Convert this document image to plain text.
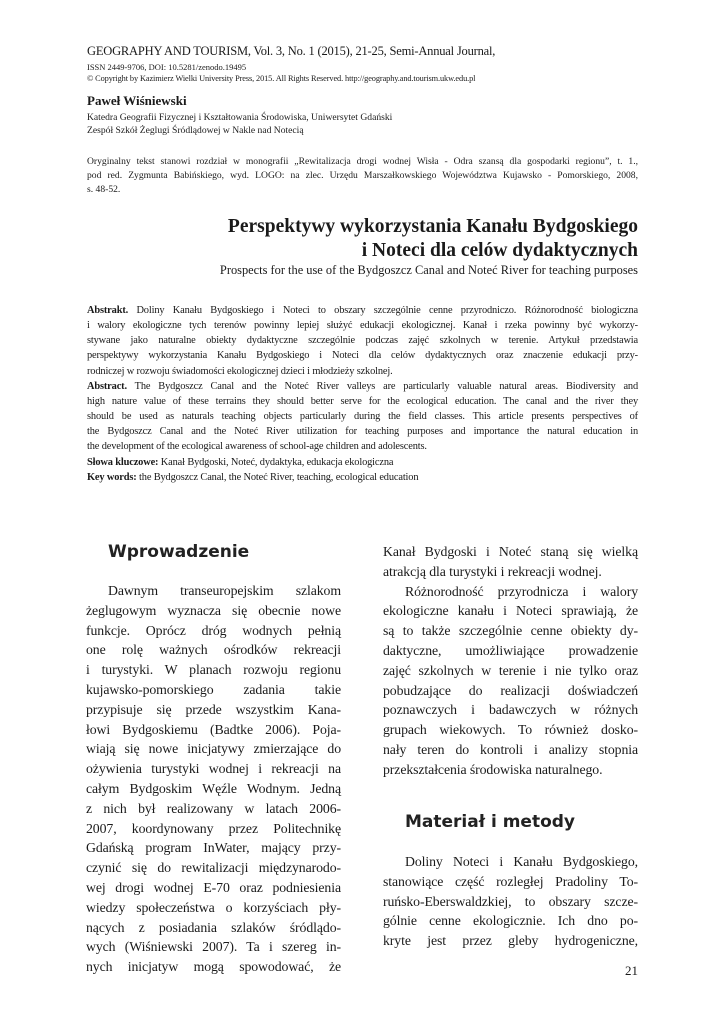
GEOGRAPHY AND TOURISM, Vol. 3, No. 1 (2015), 21-25, Semi-Annual Journal,
ISSN 2449-9706, DOI: 10.5281/zenodo.19495
© Copyright by Kazimierz Wielki University Press, 2015. All Rights Reserved. http://geography.and.tourism.ukw.edu.pl
Paweł Wiśniewski
Katedra Geografii Fizycznej i Kształtowania Środowiska, Uniwersytet Gdański
Zespół Szkół Żeglugi Śródlądowej w Nakle nad Notecią
Oryginalny tekst stanowi rozdział w monografii „Rewitalizacja drogi wodnej Wisła - Odra szansą dla gospodarki regionu”, t. 1.,
pod red. Zygmunta Babińskiego, wyd. LOGO: na zlec. Urzędu Marszałkowskiego Województwa Kujawsko - Pomorskiego, 2008,
s. 48-52.
Perspektywy wykorzystania Kanału Bydgoskiego
i Noteci dla celów dydaktycznych
Prospects for the use of the Bydgoszcz Canal and Noteć River for teaching purposes
Abstrakt. Doliny Kanału Bydgoskiego i Noteci to obszary szczególnie cenne przyrodniczo. Różnorodność biologiczna
i walory ekologiczne tych terenów powinny lepiej służyć edukacji ekologicznej. Kanał i rzeka powinny być wykorzy-
stywane jako naturalne obiekty dydaktyczne szczególnie podczas zajęć szkolnych w terenie. Artykuł przedstawia
perspektywy wykorzystania Kanału Bydgoskiego i Noteci dla celów dydaktycznych oraz znaczenie edukacji przy-
rodniczej w rozwoju świadomości ekologicznej dzieci i młodzieży szkolnej.
Abstract. The Bydgoszcz Canal and the Noteć River valleys are particularly valuable natural areas. Biodiversity and
high nature value of these terrains they should better serve for the ecological education. The canal and the river they
should be used as naturals teaching objects particularly during the field classes. This article presents perspectives of
the Bydgoszcz Canal and the Noteć River utilization for teaching purposes and importance the natural education in
the development of the ecological awareness of school-age children and adolescents.
Słowa kluczowe: Kanał Bydgoski, Noteć, dydaktyka, edukacja ekologiczna
Key words: the Bydgoszcz Canal, the Noteć River, teaching, ecological education
Wprowadzenie
Dawnym transeuropejskim szlakom
żeglugowym wyznacza się obecnie nowe
funkcje. Oprócz dróg wodnych pełnią
one rolę ważnych ośrodków rekreacji
i turystyki. W planach rozwoju regionu
kujawsko-pomorskiego zadania takie
przypisuje się przede wszystkim Kana-
łowi Bydgoskiemu (Badtke 2006). Poja-
wiają się nowe inicjatywy zmierzające do
ożywienia turystyki wodnej i rekreacji na
całym Bydgoskim Węźle Wodnym. Jedną
z nich był realizowany w latach 2006-
2007, koordynowany przez Politechnikę
Gdańską program InWater, mający przy-
czynić się do rewitalizacji międzynarodo-
wej drogi wodnej E-70 oraz podniesienia
wiedzy społeczeństwa o korzyściach pły-
nących z posiadania szlaków śródlądo-
wych (Wiśniewski 2007). Ta i szereg in-
nych inicjatyw mogą spowodować, że
Kanał Bydgoski i Noteć staną się wielką
atrakcją dla turystyki i rekreacji wodnej.
Różnorodność przyrodnicza i walory
ekologiczne kanału i Noteci sprawiają, że
są to także szczególnie cenne obiekty dy-
daktyczne, umożliwiające prowadzenie
zajęć szkolnych w terenie i nie tylko oraz
pobudzające do realizacji doświadczeń
poznawczych i badawczych w różnych
grupach wiekowych. To również dosko-
nały teren do kontroli i analizy stopnia
przekształcenia środowiska naturalnego.
Materiał i metody
Doliny Noteci i Kanału Bydgoskiego,
stanowiące część rozległej Pradoliny To-
ruńsko-Eberswaldzkiej, to obszary szcze-
gólnie cenne ekologicznie. Ich dno po-
kryte jest przez gleby hydrogeniczne,
21
